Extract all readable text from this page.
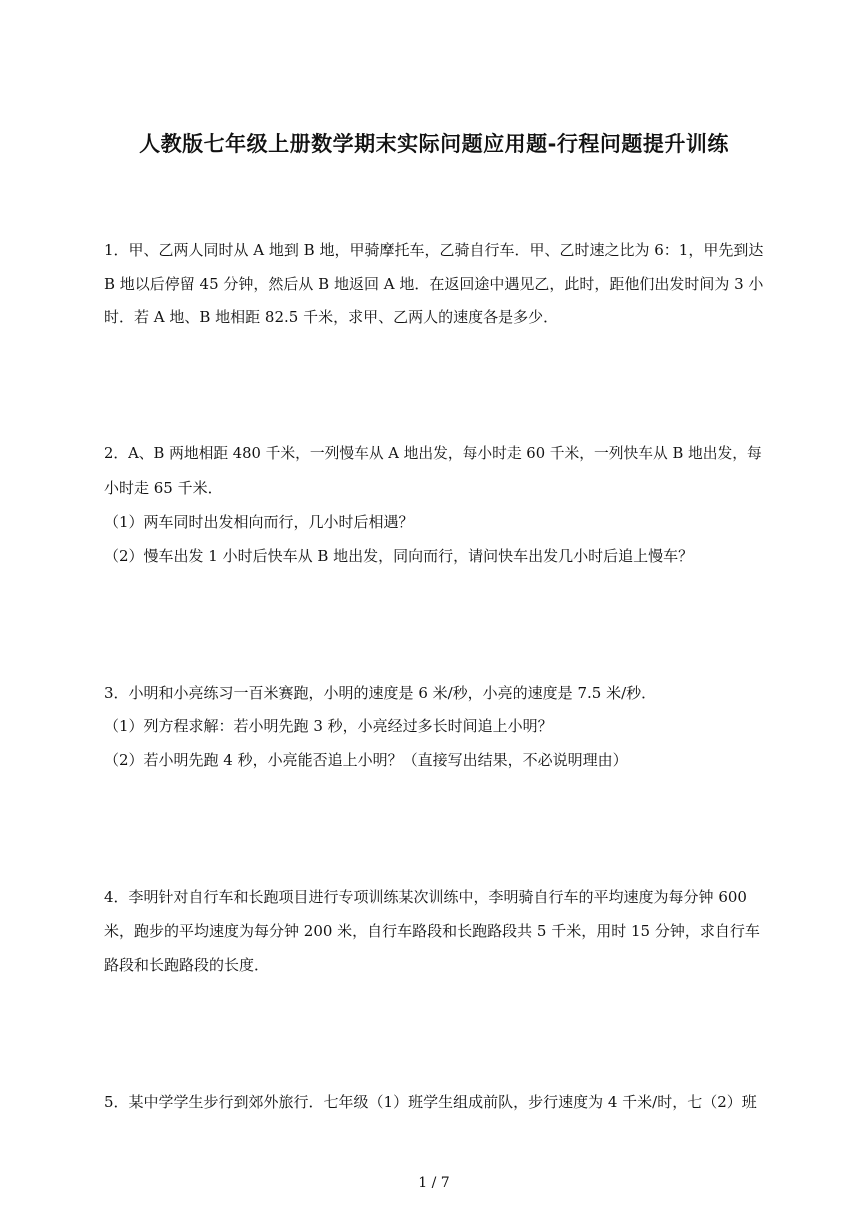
人教版七年级上册数学期末实际问题应用题-行程问题提升训练

1．甲、乙两人同时从 A 地到 B 地，甲骑摩托车，乙骑自行车．甲、乙时速之比为 6：1，甲先到达

B 地以后停留 45 分钟，然后从 B 地返回 A 地．在返回途中遇见乙，此时，距他们出发时间为 3 小

时．若 A 地、B 地相距 82.5 千米，求甲、乙两人的速度各是多少．

2．A、B 两地相距 480 千米，一列慢车从 A 地出发，每小时走 60 千米，一列快车从 B 地出发，每

小时走 65 千米．

（1）两车同时出发相向而行，几小时后相遇？

（2）慢车出发 1 小时后快车从 B 地出发，同向而行，请问快车出发几小时后追上慢车？

3．小明和小亮练习一百米赛跑，小明的速度是 6 米/秒，小亮的速度是 7.5 米/秒．

（1）列方程求解：若小明先跑 3 秒，小亮经过多长时间追上小明？

（2）若小明先跑 4 秒，小亮能否追上小明？（直接写出结果，不必说明理由）

4．李明针对自行车和长跑项目进行专项训练某次训练中，李明骑自行车的平均速度为每分钟 600

米，跑步的平均速度为每分钟 200 米，自行车路段和长跑路段共 5 千米，用时 15 分钟，求自行车

路段和长跑路段的长度．

5．某中学学生步行到郊外旅行．七年级（1）班学生组成前队，步行速度为 4 千米/时，七（2）班

1 / 7
